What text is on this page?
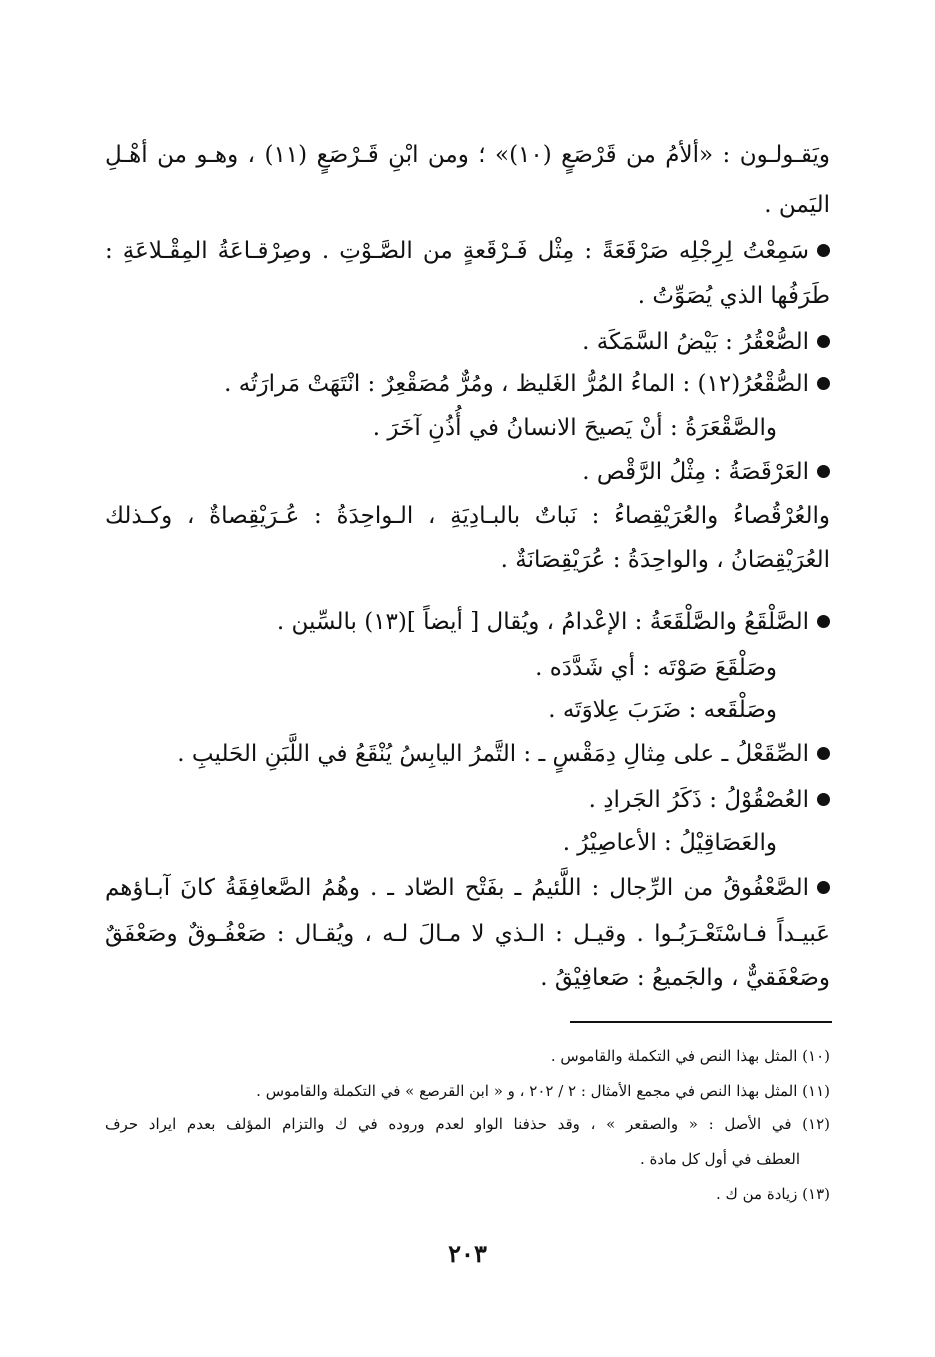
ويَقـولـون : «ألأمُ من قَرْصَعٍ (١٠)» ؛ ومن ابْنِ قَـرْصَعٍ (١١) ، وهـو من أهْـلِ
اليَمن .
سَمِعْتُ لِرِجْلِه صَرْقَعَةً : مِثْل فَـرْقَعةٍ من الصَّـوْتِ . وصِرْقـاعَةُ المِقْـلاعَةِ :
طَرَفُها الذي يُصَوِّتُ .
الصُّعْقُرُ : بَيْضُ السَّمَكَة .
الصُّقْعُرُ(١٢) : الماءُ المُرُّ الغَليظ ، ومُرٌّ مُصَقْعِرٌ : انْتَهَتْ مَرارَتُه .
والصَّقْعَرَةُ : أنْ يَصيحَ الانسانُ في أُذُنِ آخَرَ .
العَرْقَصَةُ : مِثْلُ الرَّقْص .
والعُرْقُصاءُ والعُرَيْقِصاءُ : نَباتٌ بالبـادِيَةِ ، الـواحِدَةُ : عُـرَيْقِصاةٌ ، وكـذلك
العُرَيْقِصَانُ ، والواحِدَةُ : عُرَيْقِصَانَةٌ .
الصَّلْقَعُ والصَّلْقَعَةُ : الإعْدامُ ، ويُقال [ أيضاً ](١٣) بالسِّين .
وصَلْقَعَ صَوْتَه : أي شَدَّدَه .
وصَلْقَعه : ضَرَبَ عِلاوَتَه .
الصِّقَعْلُ ـ على مِثالِ دِمَقْسٍ ـ : التَّمرُ اليابِسُ يُنْقَعُ في اللَّبَنِ الحَليبِ .
العُصْقُوْلُ : ذَكَرُ الجَرادِ .
والعَصَاقِيْلُ : الأعاصِيْرُ .
الصَّعْفُوقُ من الرِّجال : اللَّئيمُ ـ بفَتْح الصّاد ـ . وهُمُ الصَّعافِقَةُ كانَ آبـاؤهم
عَبيـداً فـاسْتَعْـرَبُـوا . وقيـل : الـذي لا مـالَ لـه ، ويُقـال : صَعْفُـوقٌ وصَعْفَقٌ
وصَعْفَقيٌّ ، والجَميعُ : صَعافِيْقُ .
(١٠) المثل بهذا النص في التكملة والقاموس .
(١١) المثل بهذا النص في مجمع الأمثال : ٢ / ٢٠٢ ، و « ابن القرصع » في التكملة والقاموس .
(١٢) في الأصل : « والصقعر » ، وقد حذفنا الواو لعدم وروده في ك والتزام المؤلف بعدم ايراد حرف
العطف في أول كل مادة .
(١٣) زيادة من ك .
٢٠٣
